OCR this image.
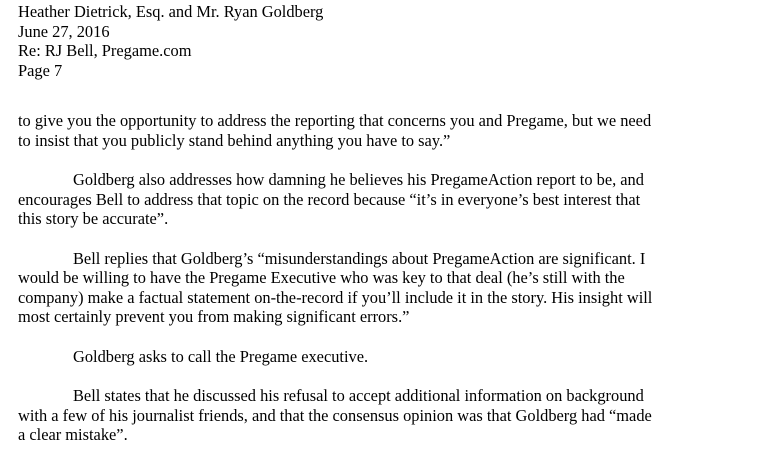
Heather Dietrick, Esq. and Mr. Ryan Goldberg
June 27, 2016
Re: RJ Bell, Pregame.com
Page 7
to give you the opportunity to address the reporting that concerns you and Pregame, but we need
to insist that you publicly stand behind anything you have to say.”
Goldberg also addresses how damning he believes his PregameAction report to be, and
encourages Bell to address that topic on the record because “it’s in everyone’s best interest that
this story be accurate”.
Bell replies that Goldberg’s “misunderstandings about PregameAction are significant. I
would be willing to have the Pregame Executive who was key to that deal (he’s still with the
company) make a factual statement on-the-record if you’ll include it in the story. His insight will
most certainly prevent you from making significant errors.”
Goldberg asks to call the Pregame executive.
Bell states that he discussed his refusal to accept additional information on background
with a few of his journalist friends, and that the consensus opinion was that Goldberg had “made
a clear mistake”.
